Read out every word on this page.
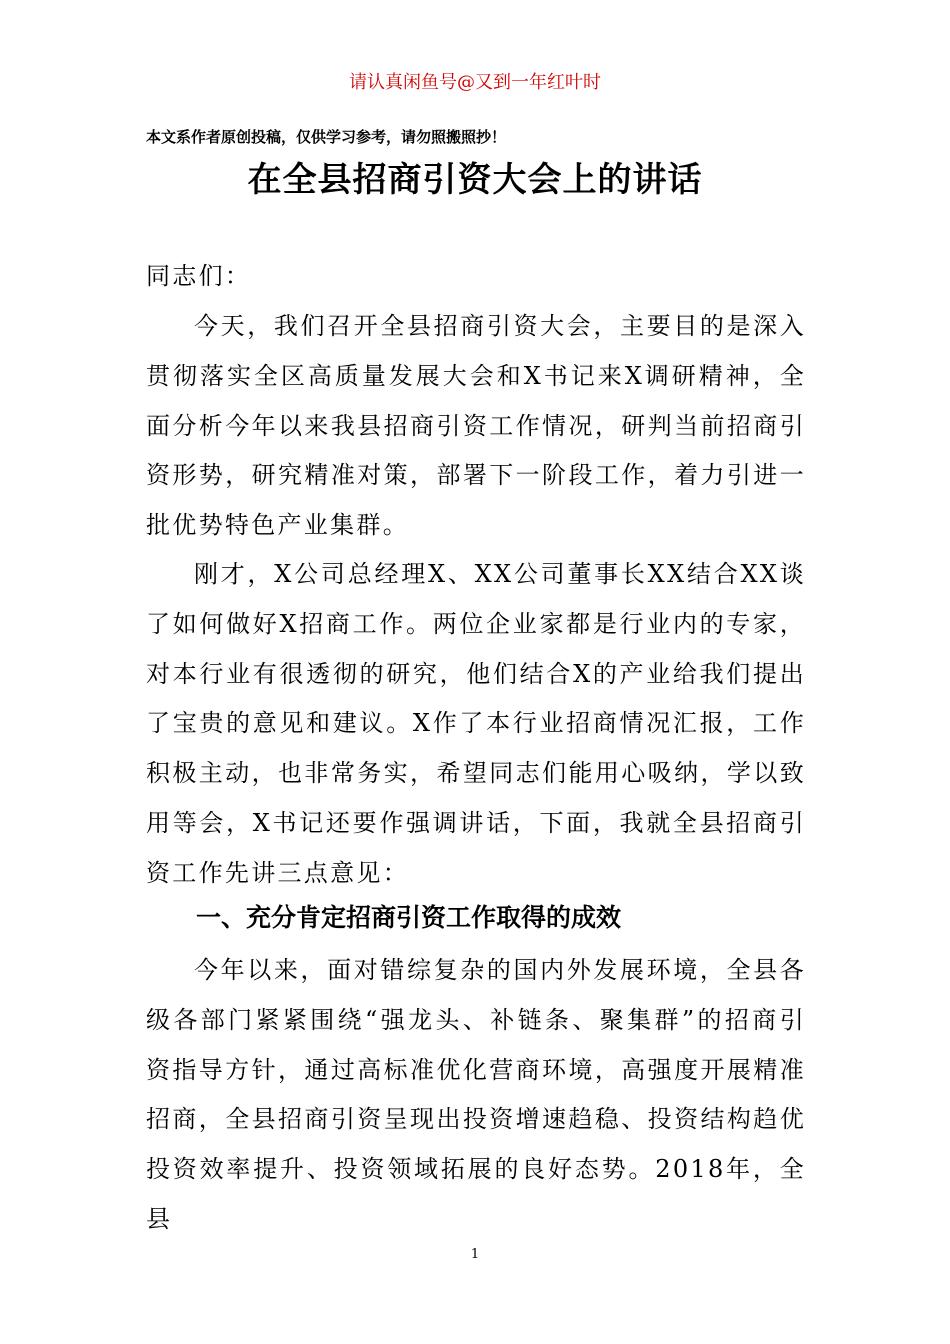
请认真闲鱼号@又到一年红叶时
本文系作者原创投稿，仅供学习参考，请勿照搬照抄！
在全县招商引资大会上的讲话
同志们：
今天，我们召开全县招商引资大会，主要目的是深入贯彻落实全区高质量发展大会和X书记来X调研精神，全面分析今年以来我县招商引资工作情况，研判当前招商引资形势，研究精准对策，部署下一阶段工作，着力引进一批优势特色产业集群。
刚才，X公司总经理X、XX公司董事长XX结合XX谈了如何做好X招商工作。两位企业家都是行业内的专家，对本行业有很透彻的研究，他们结合X的产业给我们提出了宝贵的意见和建议。X作了本行业招商情况汇报，工作积极主动，也非常务实，希望同志们能用心吸纳，学以致用等会，X书记还要作强调讲话，下面，我就全县招商引资工作先讲三点意见：
一、充分肯定招商引资工作取得的成效
今年以来，面对错综复杂的国内外发展环境，全县各级各部门紧紧围绕“强龙头、补链条、聚集群”的招商引资指导方针，通过高标准优化营商环境，高强度开展精准招商，全县招商引资呈现出投资增速趋稳、投资结构趋优投资效率提升、投资领域拓展的良好态势。2018年，全县
1
